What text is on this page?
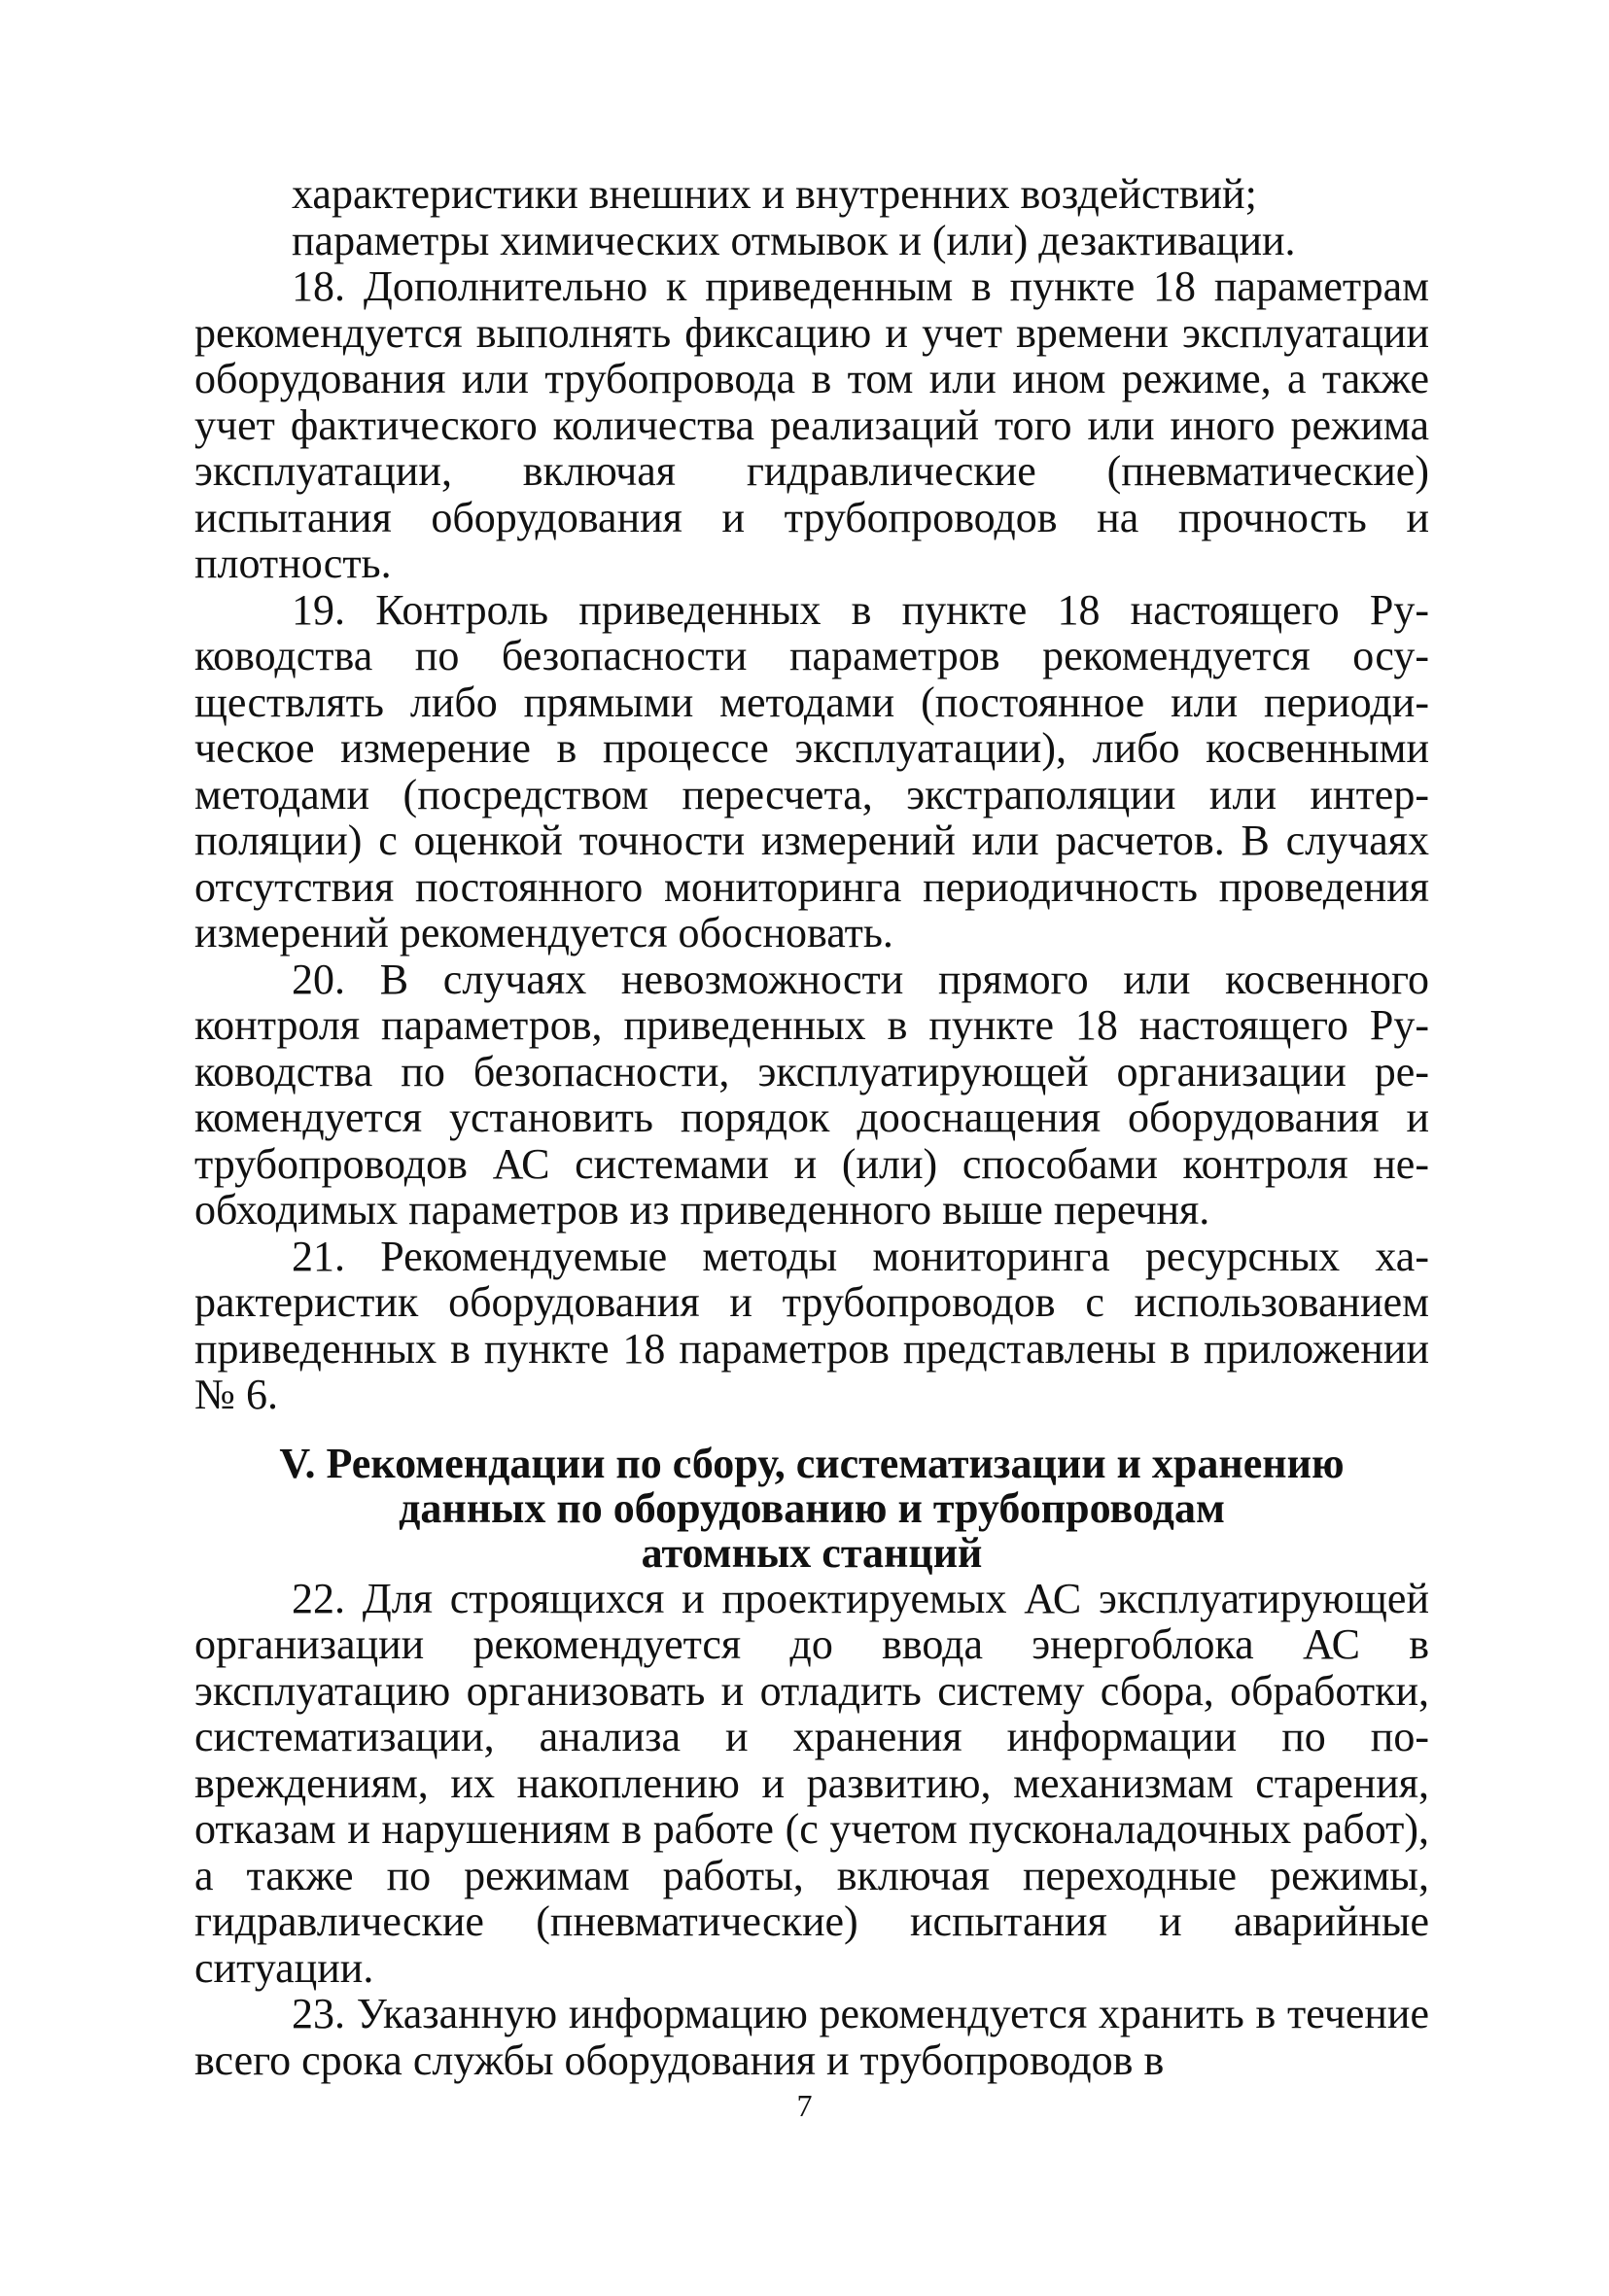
характеристики внешних и внутренних воздействий;

параметры химических отмывок и (или) дезактивации.

18. Дополнительно к приведенным в пункте 18 параметрам рекомендуется выполнять фиксацию и учет времени эксплуатации оборудования или трубопровода в том или ином режиме, а также учет фактического количества реализаций того или иного режима эксплуатации, включая гидравлические (пневматические) испытания оборудования и трубопроводов на прочность и плотность.

19. Контроль приведенных в пункте 18 настоящего Руководства по безопасности параметров рекомендуется осуществлять либо прямыми методами (постоянное или периодическое измерение в процессе эксплуатации), либо косвенными методами (посредством пересчета, экстраполяции или интерполяции) с оценкой точности измерений или расчетов. В случаях отсутствия постоянного мониторинга периодичность проведения измерений рекомендуется обосновать.

20. В случаях невозможности прямого или косвенного контроля параметров, приведенных в пункте 18 настоящего Руководства по безопасности, эксплуатирующей организации рекомендуется установить порядок дооснащения оборудования и трубопроводов АС системами и (или) способами контроля необходимых параметров из приведенного выше перечня.

21. Рекомендуемые методы мониторинга ресурсных характеристик оборудования и трубопроводов с использованием приведенных в пункте 18 параметров представлены в приложении № 6.

V. Рекомендации по сбору, систематизации и хранению
данных по оборудованию и трубопроводам
атомных станций

22. Для строящихся и проектируемых АС эксплуатирующей организации рекомендуется до ввода энергоблока АС в эксплуатацию организовать и отладить систему сбора, обработки, систематизации, анализа и хранения информации по повреждениям, их накоплению и развитию, механизмам старения, отказам и нарушениям в работе (с учетом пусконаладочных работ), а также по режимам работы, включая переходные режимы, гидравлические (пневматические) испытания и аварийные ситуации.

23. Указанную информацию рекомендуется хранить в течение всего срока службы оборудования и трубопроводов в

7
